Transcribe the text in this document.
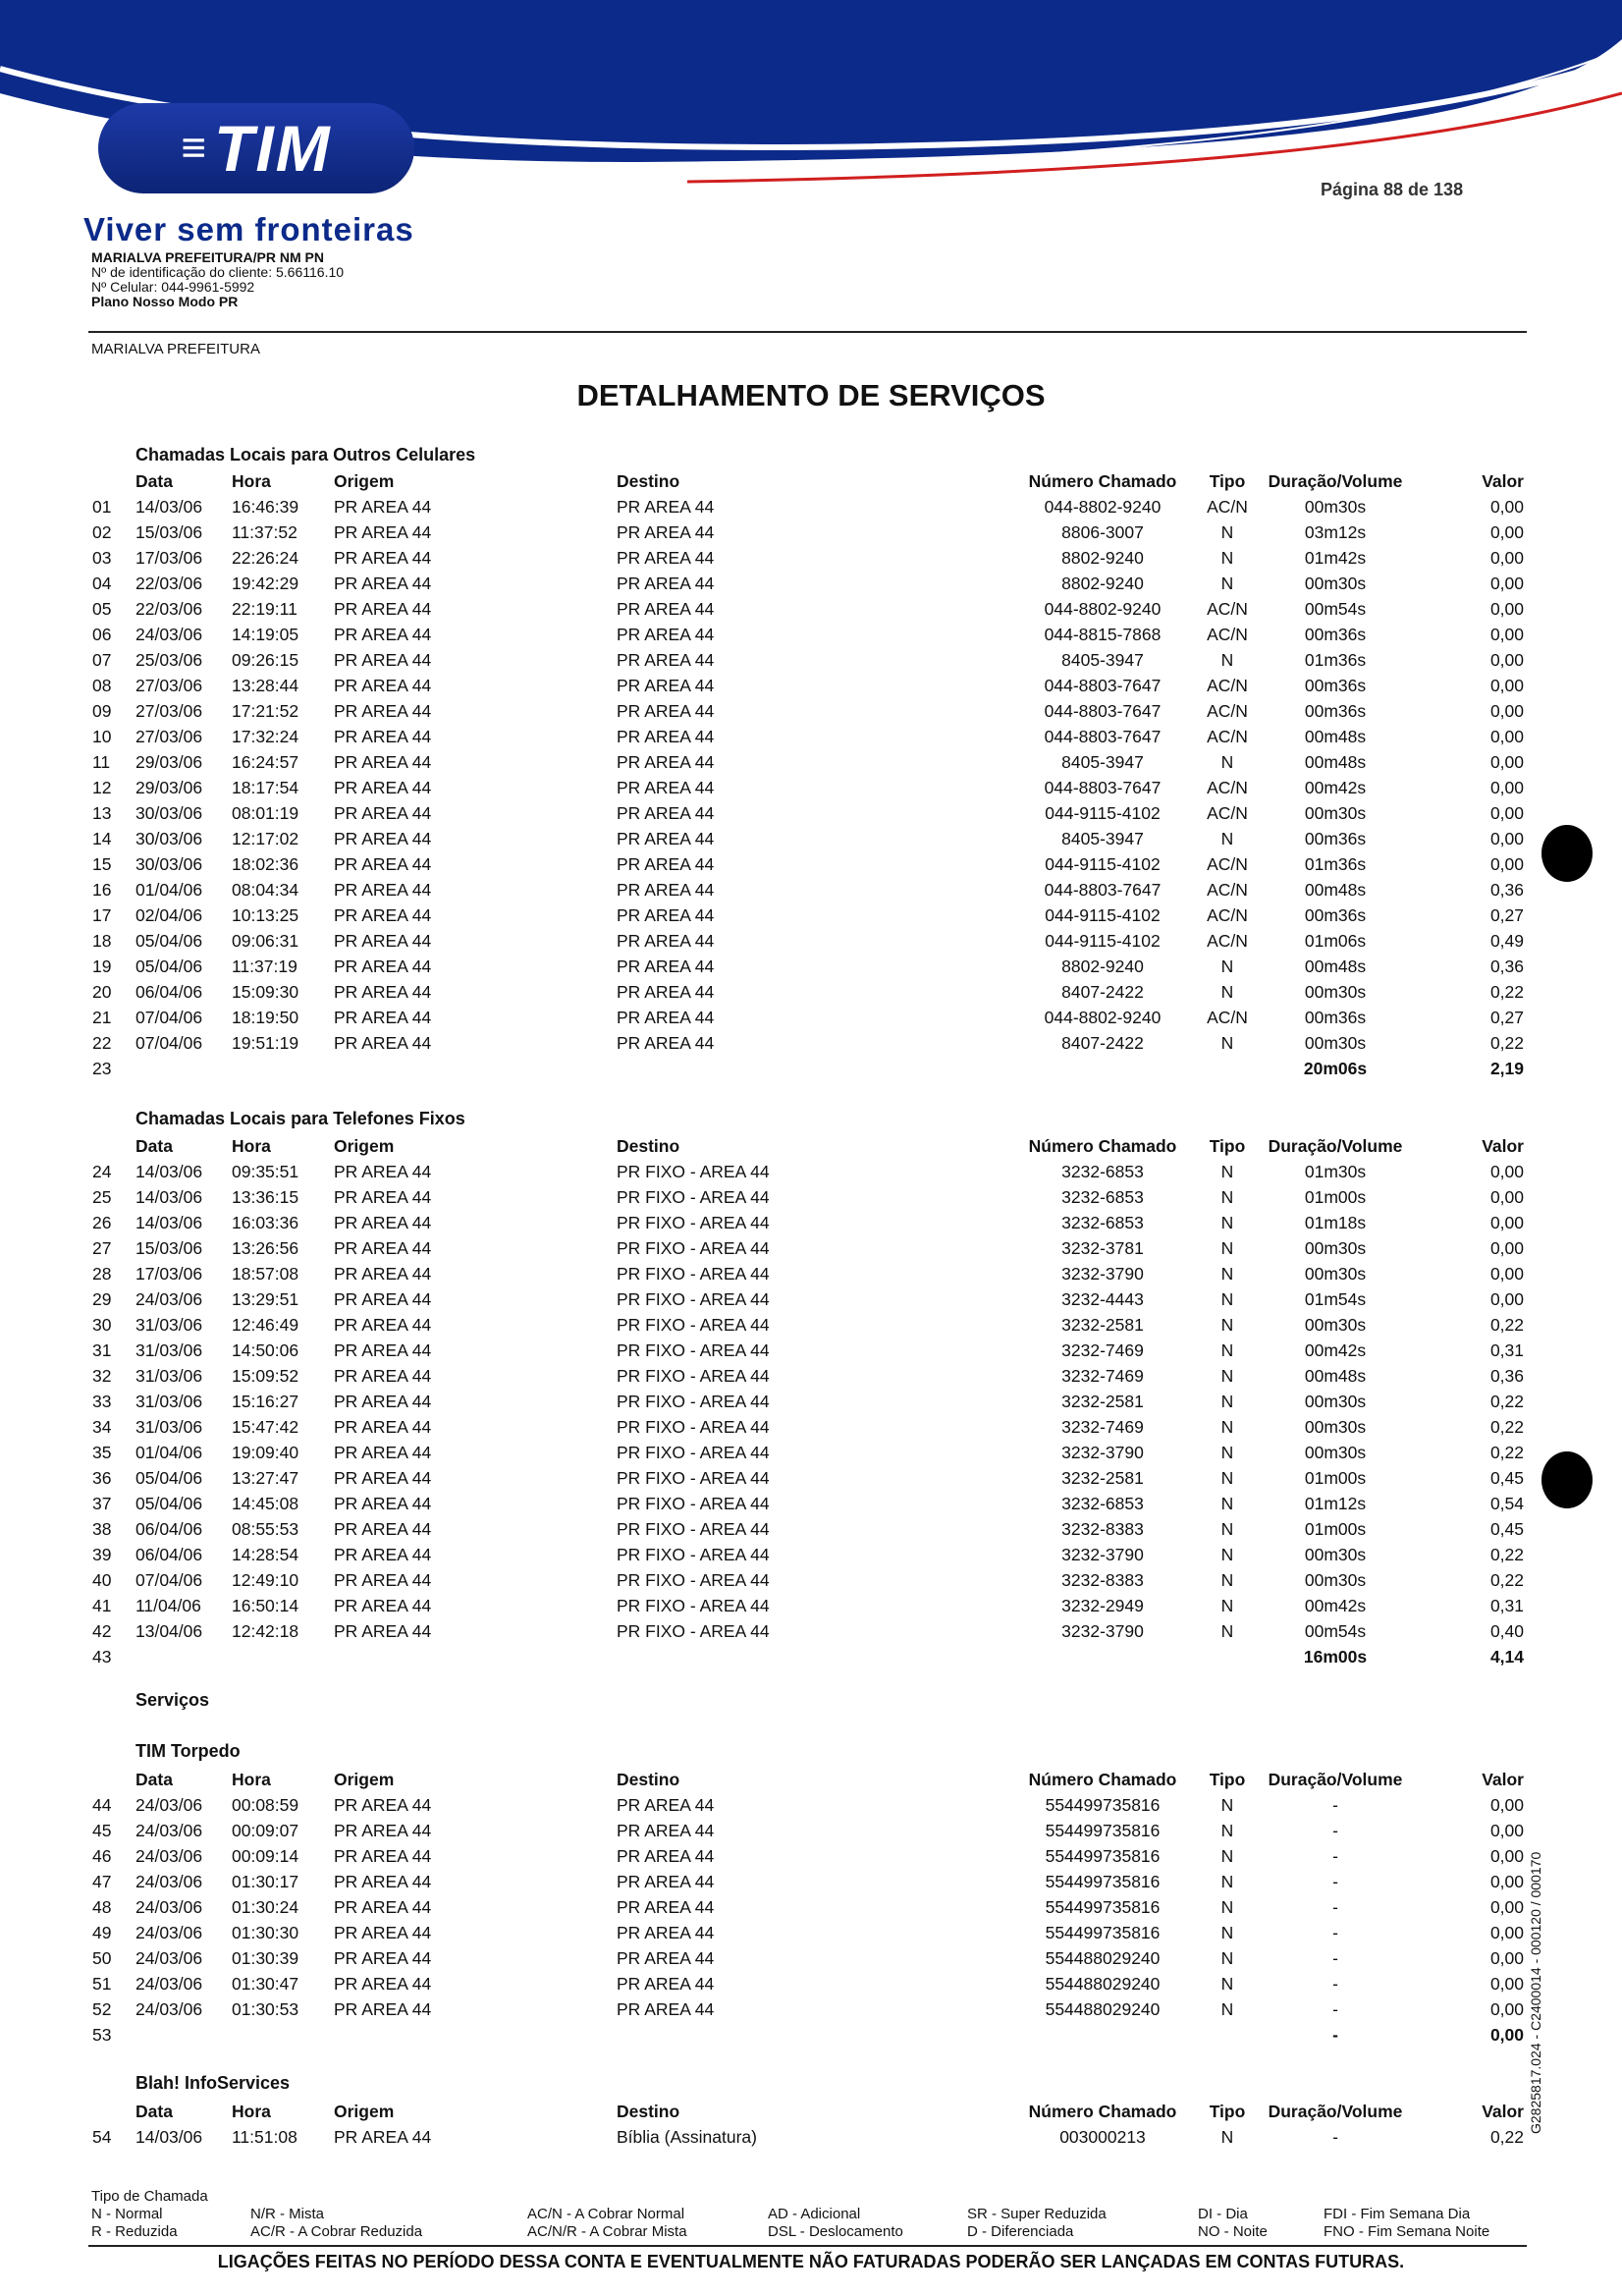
≡ TIM
Viver sem fronteiras
Página 88 de 138
MARIALVA PREFEITURA/PR NM PN
Nº de identificação do cliente: 5.66116.10
Nº Celular: 044-9961-5992
Plano Nosso Modo PR
MARIALVA PREFEITURA
DETALHAMENTO DE SERVIÇOS
Chamadas Locais para Outros Celulares
Data	Hora	Origem	Destino	Número Chamado	Tipo	Duração/Volume	Valor
01 14/03/06 16:46:39 PR AREA 44	PR AREA 44	044-8802-9240	AC/N	00m30s	0,00
02 15/03/06 11:37:52 PR AREA 44	PR AREA 44	8806-3007	N	03m12s	0,00
03 17/03/06 22:26:24 PR AREA 44	PR AREA 44	8802-9240	N	01m42s	0,00
04 22/03/06 19:42:29 PR AREA 44	PR AREA 44	8802-9240	N	00m30s	0,00
05 22/03/06 22:19:11 PR AREA 44	PR AREA 44	044-8802-9240	AC/N	00m54s	0,00
06 24/03/06 14:19:05 PR AREA 44	PR AREA 44	044-8815-7868	AC/N	00m36s	0,00
07 25/03/06 09:26:15 PR AREA 44	PR AREA 44	8405-3947	N	01m36s	0,00
08 27/03/06 13:28:44 PR AREA 44	PR AREA 44	044-8803-7647	AC/N	00m36s	0,00
09 27/03/06 17:21:52 PR AREA 44	PR AREA 44	044-8803-7647	AC/N	00m36s	0,00
10 27/03/06 17:32:24 PR AREA 44	PR AREA 44	044-8803-7647	AC/N	00m48s	0,00
11 29/03/06 16:24:57 PR AREA 44	PR AREA 44	8405-3947	N	00m48s	0,00
12 29/03/06 18:17:54 PR AREA 44	PR AREA 44	044-8803-7647	AC/N	00m42s	0,00
13 30/03/06 08:01:19 PR AREA 44	PR AREA 44	044-9115-4102	AC/N	00m30s	0,00
14 30/03/06 12:17:02 PR AREA 44	PR AREA 44	8405-3947	N	00m36s	0,00
15 30/03/06 18:02:36 PR AREA 44	PR AREA 44	044-9115-4102	AC/N	01m36s	0,00
16 01/04/06 08:04:34 PR AREA 44	PR AREA 44	044-8803-7647	AC/N	00m48s	0,36
17 02/04/06 10:13:25 PR AREA 44	PR AREA 44	044-9115-4102	AC/N	00m36s	0,27
18 05/04/06 09:06:31 PR AREA 44	PR AREA 44	044-9115-4102	AC/N	01m06s	0,49
19 05/04/06 11:37:19 PR AREA 44	PR AREA 44	8802-9240	N	00m48s	0,36
20 06/04/06 15:09:30 PR AREA 44	PR AREA 44	8407-2422	N	00m30s	0,22
21 07/04/06 18:19:50 PR AREA 44	PR AREA 44	044-8802-9240	AC/N	00m36s	0,27
22 07/04/06 19:51:19 PR AREA 44	PR AREA 44	8407-2422	N	00m30s	0,22
23	20m06s	2,19
Chamadas Locais para Telefones Fixos
Data	Hora	Origem	Destino	Número Chamado	Tipo	Duração/Volume	Valor
24 14/03/06 09:35:51 PR AREA 44	PR FIXO - AREA 44	3232-6853	N	01m30s	0,00
25 14/03/06 13:36:15 PR AREA 44	PR FIXO - AREA 44	3232-6853	N	01m00s	0,00
26 14/03/06 16:03:36 PR AREA 44	PR FIXO - AREA 44	3232-6853	N	01m18s	0,00
27 15/03/06 13:26:56 PR AREA 44	PR FIXO - AREA 44	3232-3781	N	00m30s	0,00
28 17/03/06 18:57:08 PR AREA 44	PR FIXO - AREA 44	3232-3790	N	00m30s	0,00
29 24/03/06 13:29:51 PR AREA 44	PR FIXO - AREA 44	3232-4443	N	01m54s	0,00
30 31/03/06 12:46:49 PR AREA 44	PR FIXO - AREA 44	3232-2581	N	00m30s	0,22
31 31/03/06 14:50:06 PR AREA 44	PR FIXO - AREA 44	3232-7469	N	00m42s	0,31
32 31/03/06 15:09:52 PR AREA 44	PR FIXO - AREA 44	3232-7469	N	00m48s	0,36
33 31/03/06 15:16:27 PR AREA 44	PR FIXO - AREA 44	3232-2581	N	00m30s	0,22
34 31/03/06 15:47:42 PR AREA 44	PR FIXO - AREA 44	3232-7469	N	00m30s	0,22
35 01/04/06 19:09:40 PR AREA 44	PR FIXO - AREA 44	3232-3790	N	00m30s	0,22
36 05/04/06 13:27:47 PR AREA 44	PR FIXO - AREA 44	3232-2581	N	01m00s	0,45
37 05/04/06 14:45:08 PR AREA 44	PR FIXO - AREA 44	3232-6853	N	01m12s	0,54
38 06/04/06 08:55:53 PR AREA 44	PR FIXO - AREA 44	3232-8383	N	01m00s	0,45
39 06/04/06 14:28:54 PR AREA 44	PR FIXO - AREA 44	3232-3790	N	00m30s	0,22
40 07/04/06 12:49:10 PR AREA 44	PR FIXO - AREA 44	3232-8383	N	00m30s	0,22
41 11/04/06 16:50:14 PR AREA 44	PR FIXO - AREA 44	3232-2949	N	00m42s	0,31
42 13/04/06 12:42:18 PR AREA 44	PR FIXO - AREA 44	3232-3790	N	00m54s	0,40
43	16m00s	4,14
Serviços
TIM Torpedo
Data	Hora	Origem	Destino	Número Chamado	Tipo	Duração/Volume	Valor
44 24/03/06 00:08:59 PR AREA 44	PR AREA 44	554499735816	N	-	0,00
45 24/03/06 00:09:07 PR AREA 44	PR AREA 44	554499735816	N	-	0,00
46 24/03/06 00:09:14 PR AREA 44	PR AREA 44	554499735816	N	-	0,00
47 24/03/06 01:30:17 PR AREA 44	PR AREA 44	554499735816	N	-	0,00
48 24/03/06 01:30:24 PR AREA 44	PR AREA 44	554499735816	N	-	0,00
49 24/03/06 01:30:30 PR AREA 44	PR AREA 44	554499735816	N	-	0,00
50 24/03/06 01:30:39 PR AREA 44	PR AREA 44	554488029240	N	-	0,00
51 24/03/06 01:30:47 PR AREA 44	PR AREA 44	554488029240	N	-	0,00
52 24/03/06 01:30:53 PR AREA 44	PR AREA 44	554488029240	N	-	0,00
53	-	0,00
Blah! InfoServices
Data	Hora	Origem	Destino	Número Chamado	Tipo	Duração/Volume	Valor
54 14/03/06 11:51:08 PR AREA 44	Bíblia (Assinatura)	003000213	N	-	0,22
G2825817.024 - C2400014 - 000120 / 000170
Tipo de Chamada
N - Normal
R - Reduzida
N/R - Mista
AC/R - A Cobrar Reduzida
AC/N - A Cobrar Normal
AC/N/R - A Cobrar Mista
AD - Adicional
DSL - Deslocamento
SR - Super Reduzida
D - Diferenciada
DI - Dia
NO - Noite
FDI - Fim Semana Dia
FNO - Fim Semana Noite
LIGAÇÕES FEITAS NO PERÍODO DESSA CONTA E EVENTUALMENTE NÃO FATURADAS PODERÃO SER LANÇADAS EM CONTAS FUTURAS.
